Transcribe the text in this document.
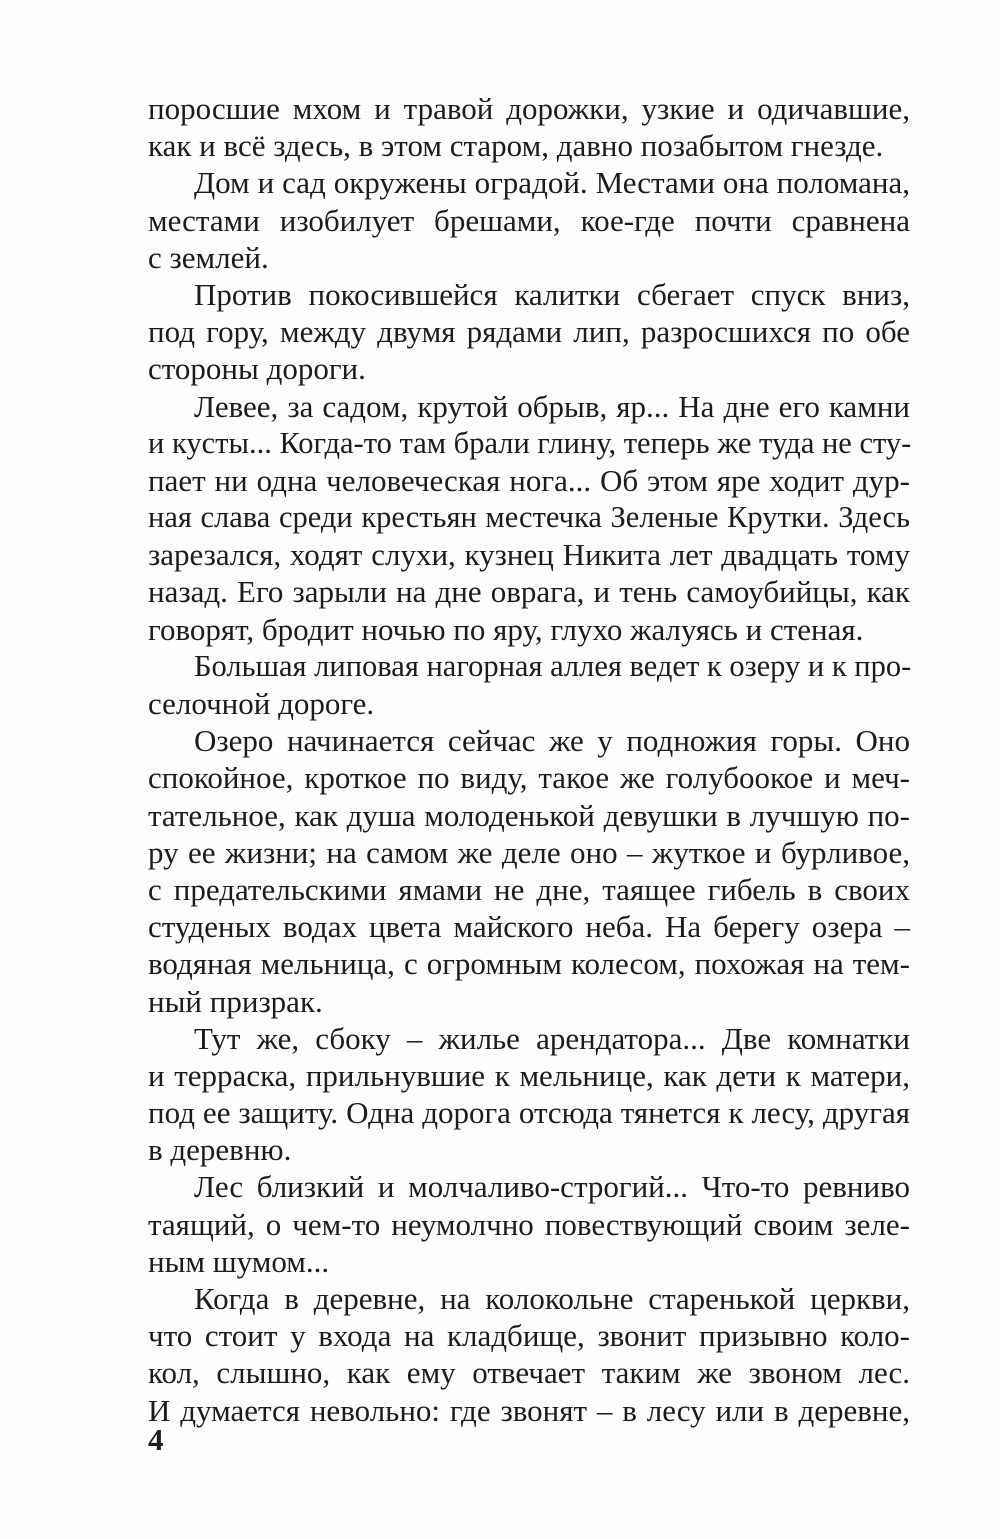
поросшие мхом и травой дорожки, узкие и одичавшие,
как и всё здесь, в этом старом, давно позабытом гнезде.
Дом и сад окружены оградой. Местами она поломана,
местами изобилует брешами, кое-где почти сравнена
с землей.
Против покосившейся калитки сбегает спуск вниз,
под гору, между двумя рядами лип, разросшихся по обе
стороны дороги.
Левее, за садом, крутой обрыв, яр... На дне его камни
и кусты... Когда-то там брали глину, теперь же туда не сту-
пает ни одна человеческая нога... Об этом яре ходит дур-
ная слава среди крестьян местечка Зеленые Крутки. Здесь
зарезался, ходят слухи, кузнец Никита лет двадцать тому
назад. Его зарыли на дне оврага, и тень самоубийцы, как
говорят, бродит ночью по яру, глухо жалуясь и стеная.
Большая липовая нагорная аллея ведет к озеру и к про-
селочной дороге.
Озеро начинается сейчас же у подножия горы. Оно
спокойное, кроткое по виду, такое же голубоокое и меч-
тательное, как душа молоденькой девушки в лучшую по-
ру ее жизни; на самом же деле оно – жуткое и бурливое,
с предательскими ямами не дне, таящее гибель в своих
студеных водах цвета майского неба. На берегу озера –
водяная мельница, с огромным колесом, похожая на тем-
ный призрак.
Тут же, сбоку – жилье арендатора... Две комнатки
и терраска, прильнувшие к мельнице, как дети к матери,
под ее защиту. Одна дорога отсюда тянется к лесу, другая
в деревню.
Лес близкий и молчаливо-строгий... Что-то ревниво
таящий, о чем-то неумолчно повествующий своим зеле-
ным шумом...
Когда в деревне, на колокольне старенькой церкви,
что стоит у входа на кладбище, звонит призывно коло-
кол, слышно, как ему отвечает таким же звоном лес.
И думается невольно: где звонят – в лесу или в деревне,
4
